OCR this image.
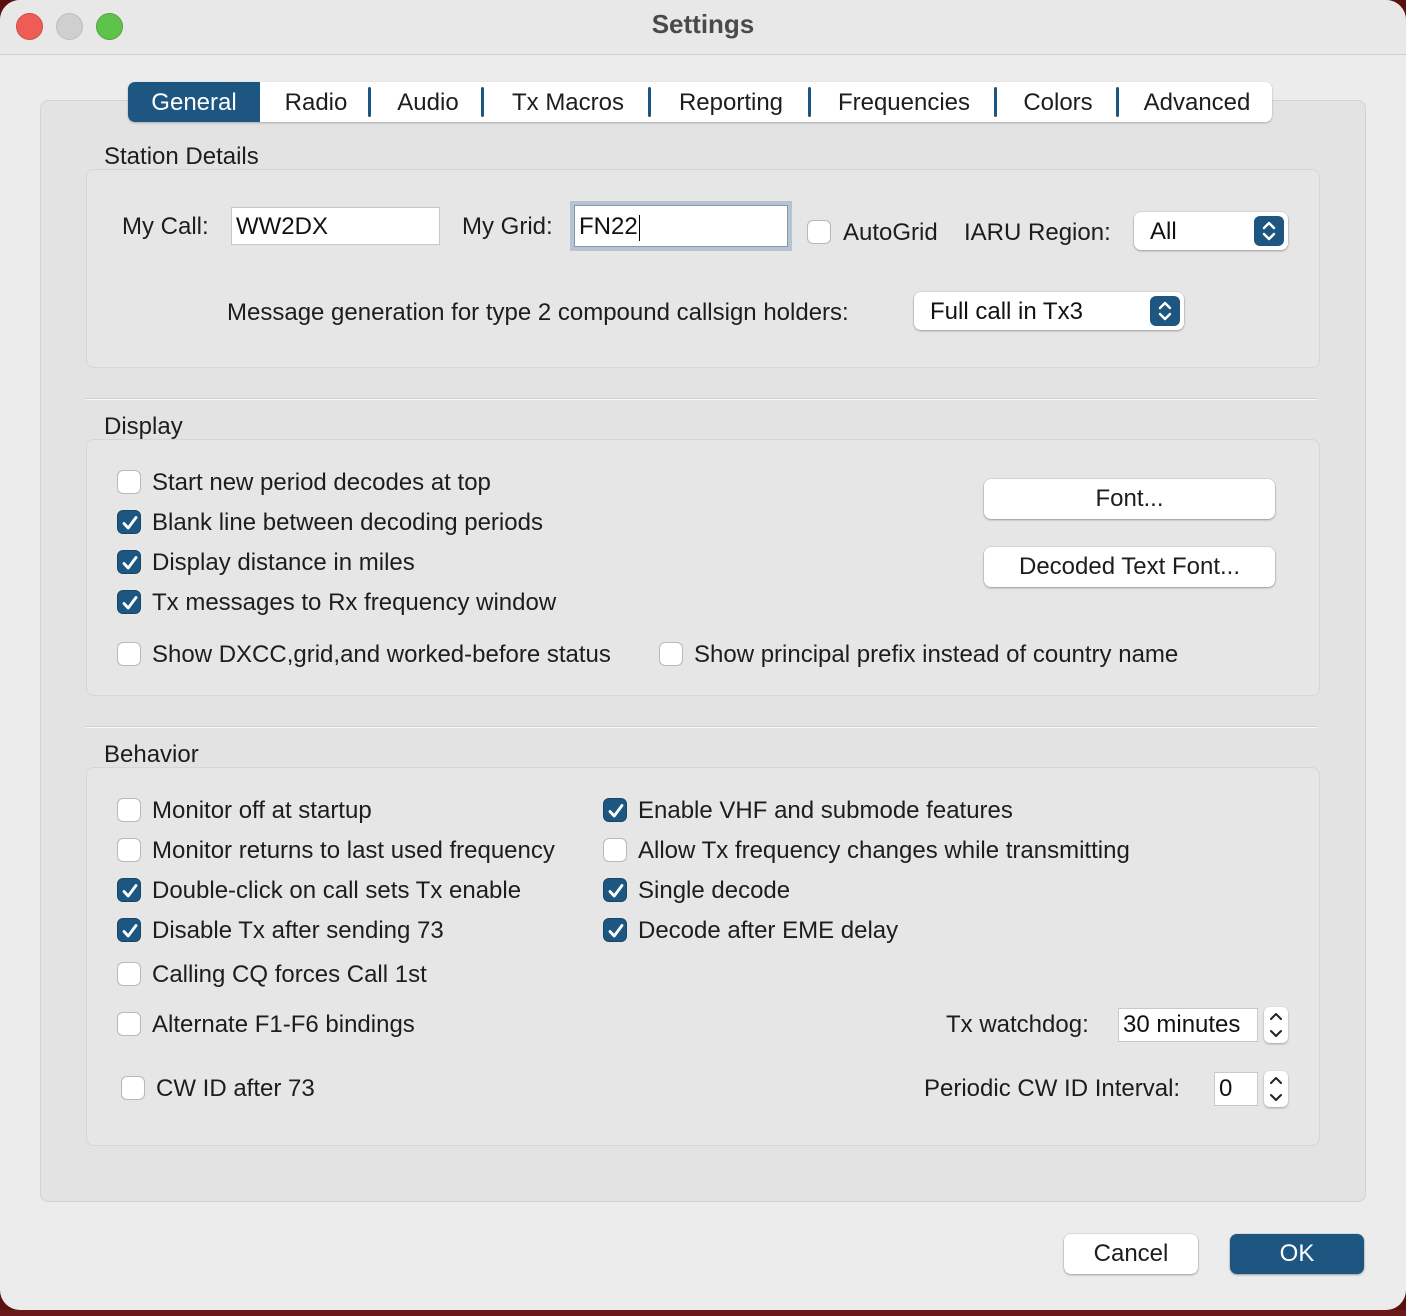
Settings
General	Radio	Audio	Tx Macros	Reporting	Frequencies	Colors	Advanced
Station Details
My Call: WW2DX	My Grid: FN22	AutoGrid IARU Region: All
Message generation for type 2 compound callsign holders:	Full call in Tx3
Display
Start new period decodes at top
Blank line between decoding periods
Display distance in miles
Tx messages to Rx frequency window
Show DXCC,grid,and worked-before status	Show principal prefix instead of country name
Font...
Decoded Text Font...
Behavior
Monitor off at startup
Monitor returns to last used frequency
Double-click on call sets Tx enable
Disable Tx after sending 73
Calling CQ forces Call 1st
Alternate F1-F6 bindings
CW ID after 73
Enable VHF and submode features
Allow Tx frequency changes while transmitting
Single decode
Decode after EME delay
Tx watchdog: 30 minutes
Periodic CW ID Interval: 0
Cancel	OK
